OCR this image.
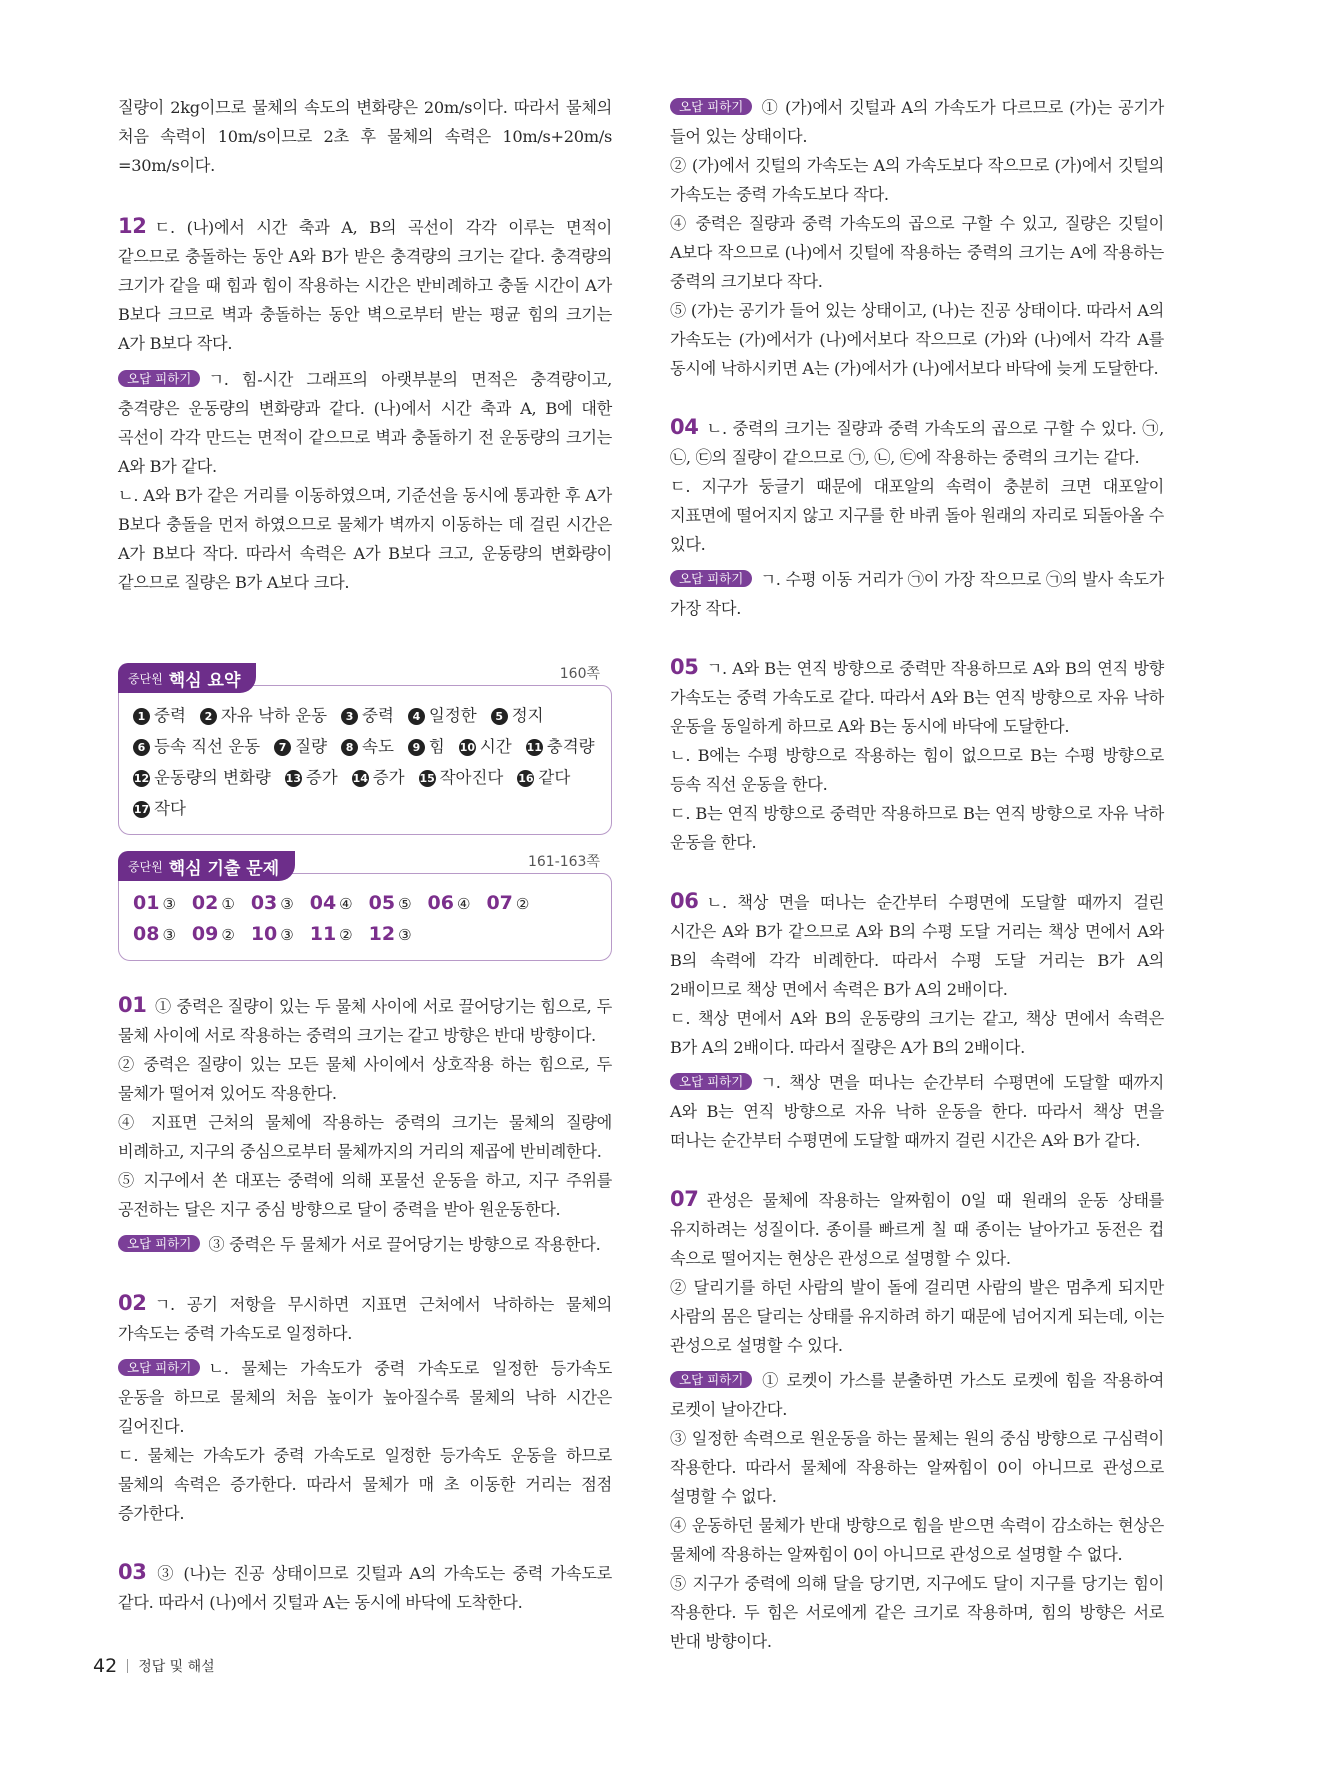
질량이 2kg이므로 물체의 속도의 변화량은 20m/s이다. 따라서 물체의 처음 속력이 10m/s이므로 2초 후 물체의 속력은 10m/s+20m/s =30m/s이다.

12 ㄷ. (나)에서 시간 축과 A, B의 곡선이 각각 이루는 면적이 같으므로 충돌하는 동안 A와 B가 받은 충격량의 크기는 같다. 충격량의 크기가 같을 때 힘과 힘이 작용하는 시간은 반비례하고 충돌 시간이 A가 B보다 크므로 벽과 충돌하는 동안 벽으로부터 받는 평균 힘의 크기는 A가 B보다 작다.

오답 피하기 ㄱ. 힘-시간 그래프의 아랫부분의 면적은 충격량이고, 충격량은 운동량의 변화량과 같다. (나)에서 시간 축과 A, B에 대한 곡선이 각각 만드는 면적이 같으므로 벽과 충돌하기 전 운동량의 크기는 A와 B가 같다.

ㄴ. A와 B가 같은 거리를 이동하였으며, 기준선을 동시에 통과한 후 A가 B보다 충돌을 먼저 하였으므로 물체가 벽까지 이동하는 데 걸린 시간은 A가 B보다 작다. 따라서 속력은 A가 B보다 크고, 운동량의 변화량이 같으므로 질량은 B가 A보다 크다.

중단원 핵심 요약	160쪽
1 중력 2 자유 낙하 운동 3 중력 4 일정한 5 정지
6 등속 직선 운동 7 질량 8 속도 9 힘 10 시간 11 충격량
12 운동량의 변화량 13 증가 14 증가 15 작아진다 16 같다
17 작다
중단원 핵심 기출 문제	161-163쪽
01 ③ 02 ① 03 ③ 04 ④ 05 ⑤ 06 ④ 07 ②
08 ③ 09 ② 10 ③ 11 ② 12 ③

01 ① 중력은 질량이 있는 두 물체 사이에 서로 끌어당기는 힘으로, 두 물체 사이에 서로 작용하는 중력의 크기는 같고 방향은 반대 방향이다.

② 중력은 질량이 있는 모든 물체 사이에서 상호작용 하는 힘으로, 두 물체가 떨어져 있어도 작용한다.

④ 지표면 근처의 물체에 작용하는 중력의 크기는 물체의 질량에 비례하고, 지구의 중심으로부터 물체까지의 거리의 제곱에 반비례한다.

⑤ 지구에서 쏜 대포는 중력에 의해 포물선 운동을 하고, 지구 주위를 공전하는 달은 지구 중심 방향으로 달이 중력을 받아 원운동한다.

오답 피하기 ③ 중력은 두 물체가 서로 끌어당기는 방향으로 작용한다.

02 ㄱ. 공기 저항을 무시하면 지표면 근처에서 낙하하는 물체의 가속도는 중력 가속도로 일정하다.

오답 피하기 ㄴ. 물체는 가속도가 중력 가속도로 일정한 등가속도 운동을 하므로 물체의 처음 높이가 높아질수록 물체의 낙하 시간은 길어진다.

ㄷ. 물체는 가속도가 중력 가속도로 일정한 등가속도 운동을 하므로 물체의 속력은 증가한다. 따라서 물체가 매 초 이동한 거리는 점점 증가한다.

03 ③ (나)는 진공 상태이므로 깃털과 A의 가속도는 중력 가속도로 같다. 따라서 (나)에서 깃털과 A는 동시에 바닥에 도착한다.

오답 피하기 ① (가)에서 깃털과 A의 가속도가 다르므로 (가)는 공기가 들어 있는 상태이다.

② (가)에서 깃털의 가속도는 A의 가속도보다 작으므로 (가)에서 깃털의 가속도는 중력 가속도보다 작다.

④ 중력은 질량과 중력 가속도의 곱으로 구할 수 있고, 질량은 깃털이 A보다 작으므로 (나)에서 깃털에 작용하는 중력의 크기는 A에 작용하는 중력의 크기보다 작다.

⑤ (가)는 공기가 들어 있는 상태이고, (나)는 진공 상태이다. 따라서 A의 가속도는 (가)에서가 (나)에서보다 작으므로 (가)와 (나)에서 각각 A를 동시에 낙하시키면 A는 (가)에서가 (나)에서보다 바닥에 늦게 도달한다.

04 ㄴ. 중력의 크기는 질량과 중력 가속도의 곱으로 구할 수 있다. ㉠, ㉡, ㉢의 질량이 같으므로 ㉠, ㉡, ㉢에 작용하는 중력의 크기는 같다.

ㄷ. 지구가 둥글기 때문에 대포알의 속력이 충분히 크면 대포알이 지표면에 떨어지지 않고 지구를 한 바퀴 돌아 원래의 자리로 되돌아올 수 있다.

오답 피하기 ㄱ. 수평 이동 거리가 ㉠이 가장 작으므로 ㉠의 발사 속도가 가장 작다.

05 ㄱ. A와 B는 연직 방향으로 중력만 작용하므로 A와 B의 연직 방향 가속도는 중력 가속도로 같다. 따라서 A와 B는 연직 방향으로 자유 낙하 운동을 동일하게 하므로 A와 B는 동시에 바닥에 도달한다.

ㄴ. B에는 수평 방향으로 작용하는 힘이 없으므로 B는 수평 방향으로 등속 직선 운동을 한다.

ㄷ. B는 연직 방향으로 중력만 작용하므로 B는 연직 방향으로 자유 낙하 운동을 한다.

06 ㄴ. 책상 면을 떠나는 순간부터 수평면에 도달할 때까지 걸린 시간은 A와 B가 같으므로 A와 B의 수평 도달 거리는 책상 면에서 A와 B의 속력에 각각 비례한다. 따라서 수평 도달 거리는 B가 A의 2배이므로 책상 면에서 속력은 B가 A의 2배이다.

ㄷ. 책상 면에서 A와 B의 운동량의 크기는 같고, 책상 면에서 속력은 B가 A의 2배이다. 따라서 질량은 A가 B의 2배이다.

오답 피하기 ㄱ. 책상 면을 떠나는 순간부터 수평면에 도달할 때까지 A와 B는 연직 방향으로 자유 낙하 운동을 한다. 따라서 책상 면을 떠나는 순간부터 수평면에 도달할 때까지 걸린 시간은 A와 B가 같다.

07 관성은 물체에 작용하는 알짜힘이 0일 때 원래의 운동 상태를 유지하려는 성질이다. 종이를 빠르게 칠 때 종이는 날아가고 동전은 컵 속으로 떨어지는 현상은 관성으로 설명할 수 있다.

② 달리기를 하던 사람의 발이 돌에 걸리면 사람의 발은 멈추게 되지만 사람의 몸은 달리는 상태를 유지하려 하기 때문에 넘어지게 되는데, 이는 관성으로 설명할 수 있다.

오답 피하기 ① 로켓이 가스를 분출하면 가스도 로켓에 힘을 작용하여 로켓이 날아간다.

③ 일정한 속력으로 원운동을 하는 물체는 원의 중심 방향으로 구심력이 작용한다. 따라서 물체에 작용하는 알짜힘이 0이 아니므로 관성으로 설명할 수 없다.

④ 운동하던 물체가 반대 방향으로 힘을 받으면 속력이 감소하는 현상은 물체에 작용하는 알짜힘이 0이 아니므로 관성으로 설명할 수 없다.

⑤ 지구가 중력에 의해 달을 당기면, 지구에도 달이 지구를 당기는 힘이 작용한다. 두 힘은 서로에게 같은 크기로 작용하며, 힘의 방향은 서로 반대 방향이다.

42 정답 및 해설
